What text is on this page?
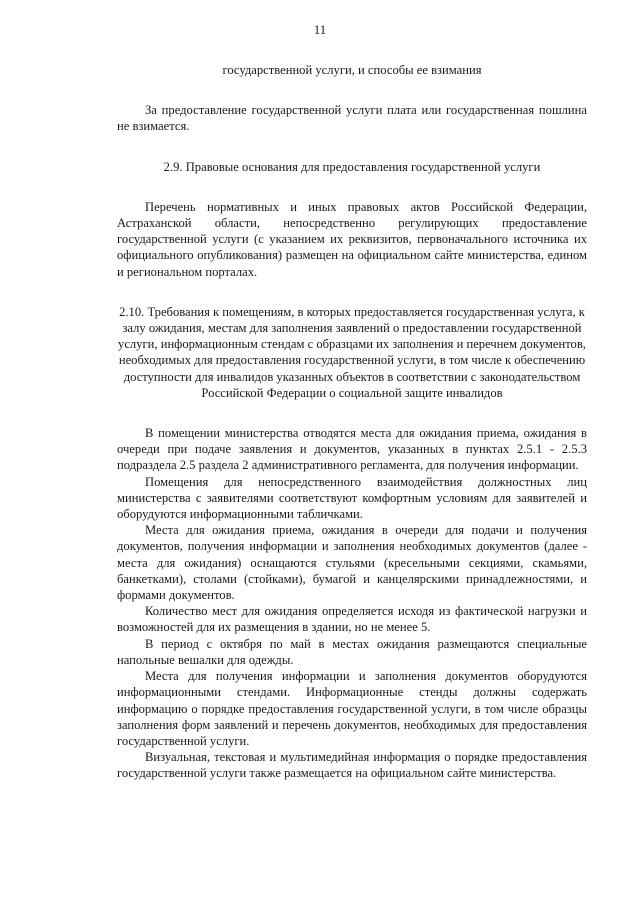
11

государственной услуги, и способы ее взимания

За предоставление государственной услуги плата или государственная пошлина не взимается.

2.9. Правовые основания для предоставления государственной услуги

Перечень нормативных и иных правовых актов Российской Федерации, Астраханской области, непосредственно регулирующих предоставление государственной услуги (с указанием их реквизитов, первоначального источника их официального опубликования) размещен на официальном сайте министерства, едином и региональном порталах.

2.10. Требования к помещениям, в которых предоставляется государственная услуга, к залу ожидания, местам для заполнения заявлений о предоставлении государственной услуги, информационным стендам с образцами их заполнения и перечнем документов, необходимых для предоставления государственной услуги, в том числе к обеспечению доступности для инвалидов указанных объектов в соответствии с законодательством Российской Федерации о социальной защите инвалидов

В помещении министерства отводятся места для ожидания приема, ожидания в очереди при подаче заявления и документов, указанных в пунктах 2.5.1 - 2.5.3 подраздела 2.5 раздела 2 административного регламента, для получения информации.

Помещения для непосредственного взаимодействия должностных лиц министерства с заявителями соответствуют комфортным условиям для заявителей и оборудуются информационными табличками.

Места для ожидания приема, ожидания в очереди для подачи и получения документов, получения информации и заполнения необходимых документов (далее - места для ожидания) оснащаются стульями (кресельными секциями, скамьями, банкетками), столами (стойками), бумагой и канцелярскими принадлежностями, и формами документов.

Количество мест для ожидания определяется исходя из фактической нагрузки и возможностей для их размещения в здании, но не менее 5.

В период с октября по май в местах ожидания размещаются специальные напольные вешалки для одежды.

Места для получения информации и заполнения документов оборудуются информационными стендами. Информационные стенды должны содержать информацию о порядке предоставления государственной услуги, в том числе образцы заполнения форм заявлений и перечень документов, необходимых для предоставления государственной услуги.

Визуальная, текстовая и мультимедийная информация о порядке предоставления государственной услуги также размещается на официальном сайте министерства.
